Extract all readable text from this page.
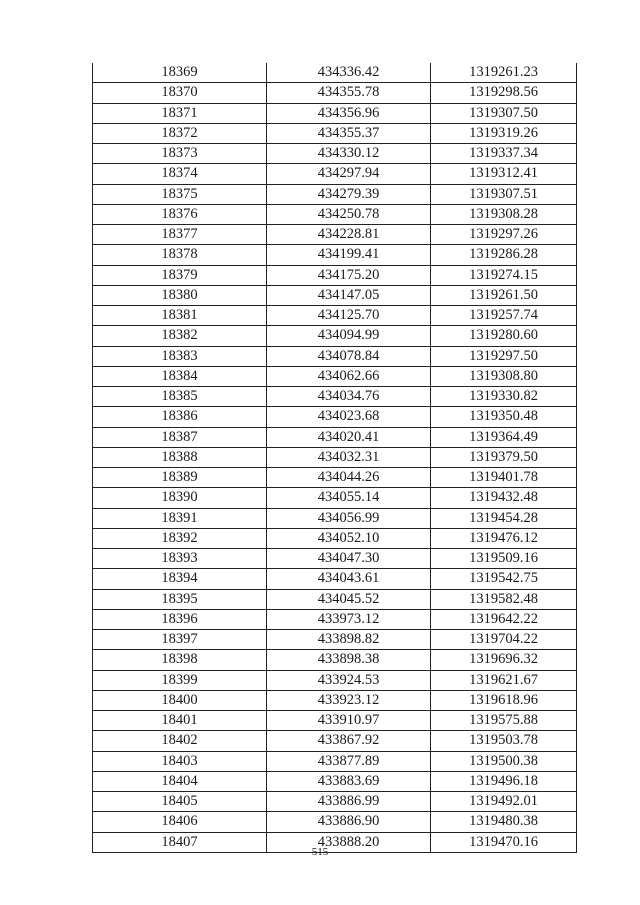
18369	434336.42	1319261.23
18370	434355.78	1319298.56
18371	434356.96	1319307.50
18372	434355.37	1319319.26
18373	434330.12	1319337.34
18374	434297.94	1319312.41
18375	434279.39	1319307.51
18376	434250.78	1319308.28
18377	434228.81	1319297.26
18378	434199.41	1319286.28
18379	434175.20	1319274.15
18380	434147.05	1319261.50
18381	434125.70	1319257.74
18382	434094.99	1319280.60
18383	434078.84	1319297.50
18384	434062.66	1319308.80
18385	434034.76	1319330.82
18386	434023.68	1319350.48
18387	434020.41	1319364.49
18388	434032.31	1319379.50
18389	434044.26	1319401.78
18390	434055.14	1319432.48
18391	434056.99	1319454.28
18392	434052.10	1319476.12
18393	434047.30	1319509.16
18394	434043.61	1319542.75
18395	434045.52	1319582.48
18396	433973.12	1319642.22
18397	433898.82	1319704.22
18398	433898.38	1319696.32
18399	433924.53	1319621.67
18400	433923.12	1319618.96
18401	433910.97	1319575.88
18402	433867.92	1319503.78
18403	433877.89	1319500.38
18404	433883.69	1319496.18
18405	433886.99	1319492.01
18406	433886.90	1319480.38
18407	433888.20	1319470.16
515
